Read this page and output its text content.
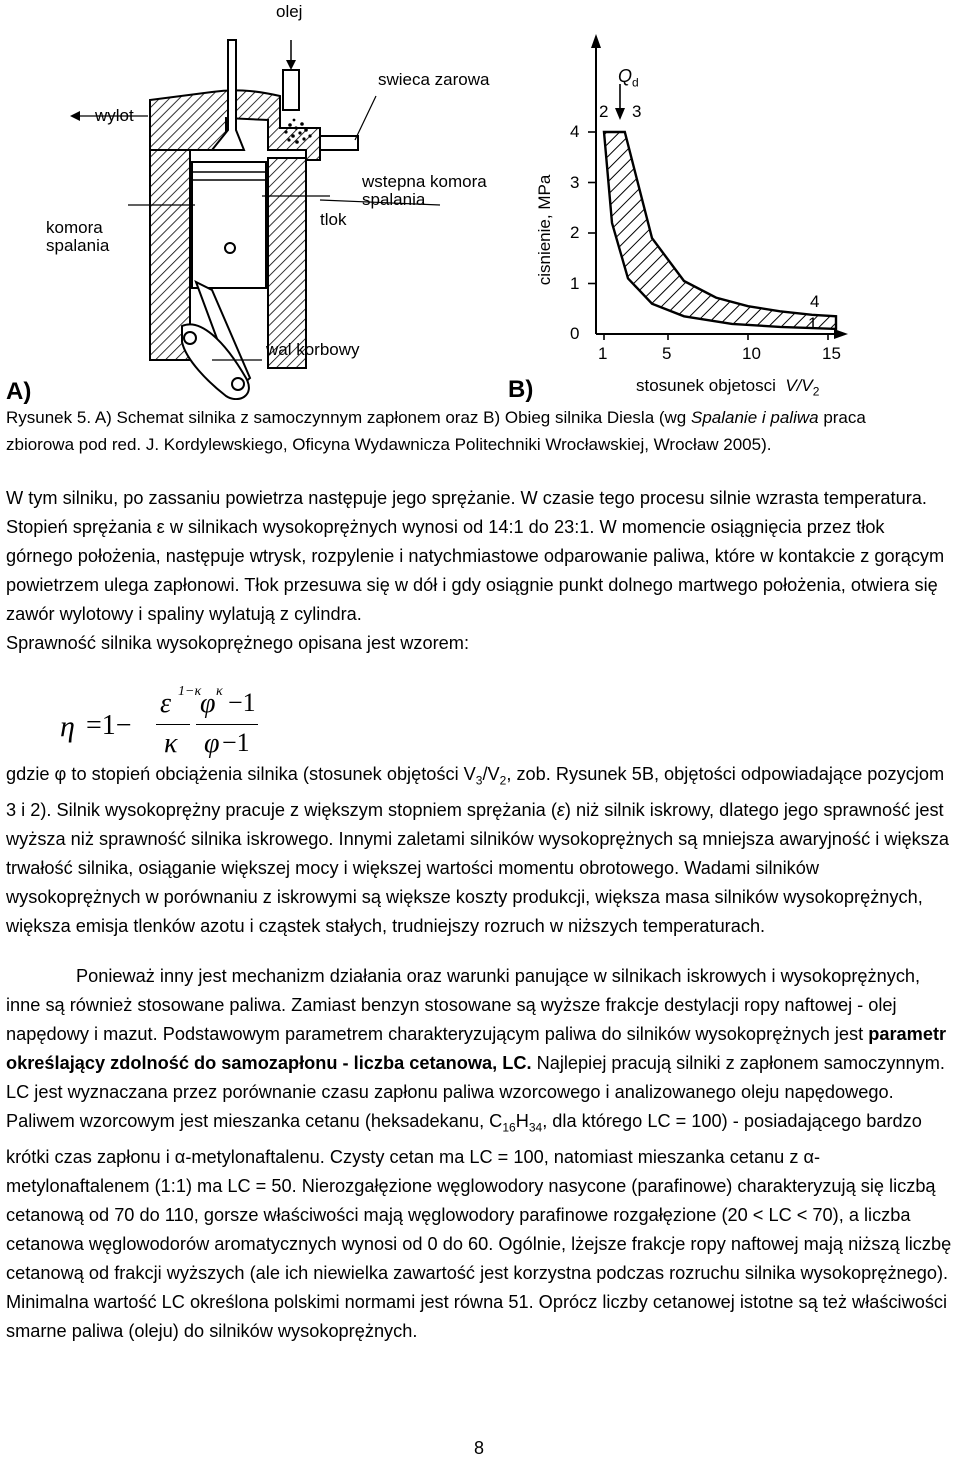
A)
olej
swieca zarowa
wylot
komora
spalania
tlok
wstepna komora
spalania
wal korbowy
B)
cisnienie, MPa
stosunek objetosci $V/V_2$
$Q_d$
2 3
4
1
0
1
2
3
4
1	5	10	15
Rysunek 5. A) Schemat silnika z samoczynnym zapłonem oraz B) Obieg silnika Diesla (wg Spalanie i paliwa praca
zbiorowa pod red. J. Kordylewskiego, Oficyna Wydawnicza Politechniki Wrocławskiej, Wrocław 2005).

W tym silniku, po zassaniu powietrza następuje jego sprężanie. W czasie tego procesu silnie wzrasta temperatura. Stopień sprężania ε w silnikach wysokoprężnych wynosi od 14:1 do 23:1. W momencie osiągnięcia przez tłok górnego położenia, następuje wtrysk, rozpylenie i natychmiastowe odparowanie paliwa, które w kontakcie z gorącym powietrzem ulega zapłonowi. Tłok przesuwa się w dół i gdy osiągnie punkt dolnego martwego położenia, otwiera się zawór wylotowy i spaliny wylatują z cylindra.

Sprawność silnika wysokoprężnego opisana jest wzorem:

η =1−
ε 1−κ
κ
φ κ −1
φ −1

gdzie φ to stopień obciążenia silnika (stosunek objętości $V_3/V_2$, zob. Rysunek 5B, objętości odpowiadające pozycjom 3 i 2). Silnik wysokoprężny pracuje z większym stopniem sprężania (ε) niż silnik iskrowy, dlatego jego sprawność jest wyższa niż sprawność silnika iskrowego. Innymi zaletami silników wysokoprężnych są mniejsza awaryjność i większa trwałość silnika, osiąganie większej mocy i większej wartości momentu obrotowego. Wadami silników wysokoprężnych w porównaniu z iskrowymi są większe koszty produkcji, większa masa silników wysokoprężnych, większa emisja tlenków azotu i cząstek stałych, trudniejszy rozruch w niższych temperaturach.

Ponieważ inny jest mechanizm działania oraz warunki panujące w silnikach iskrowych i wysokoprężnych, inne są również stosowane paliwa. Zamiast benzyn stosowane są wyższe frakcje destylacji ropy naftowej - olej napędowy i mazut. Podstawowym parametrem charakteryzującym paliwa do silników wysokoprężnych jest parametr określający zdolność do samozapłonu - liczba cetanowa, LC. Najlepiej pracują silniki z zapłonem samoczynnym. LC jest wyznaczana przez porównanie czasu zapłonu paliwa wzorcowego i analizowanego oleju napędowego. Paliwem wzorcowym jest mieszanka cetanu (heksadekanu, $C_{16}H_{34}$, dla którego LC = 100) - posiadającego bardzo krótki czas zapłonu i α-metylonaftalenu. Czysty cetan ma LC = 100, natomiast mieszanka cetanu z α-metylonaftalenem (1:1) ma LC = 50. Nierozgałęzione węglowodory nasycone (parafinowe) charakteryzują się liczbą cetanową od 70 do 110, gorsze właściwości mają węglowodory parafinowe rozgałęzione (20 < LC < 70), a liczba cetanowa węglowodorów aromatycznych wynosi od 0 do 60. Ogólnie, lżejsze frakcje ropy naftowej mają niższą liczbę cetanową od frakcji wyższych (ale ich niewielka zawartość jest korzystna podczas rozruchu silnika wysokoprężnego). Minimalna wartość LC określona polskimi normami jest równa 51. Oprócz liczby cetanowej istotne są też właściwości smarne paliwa (oleju) do silników wysokoprężnych.

8
